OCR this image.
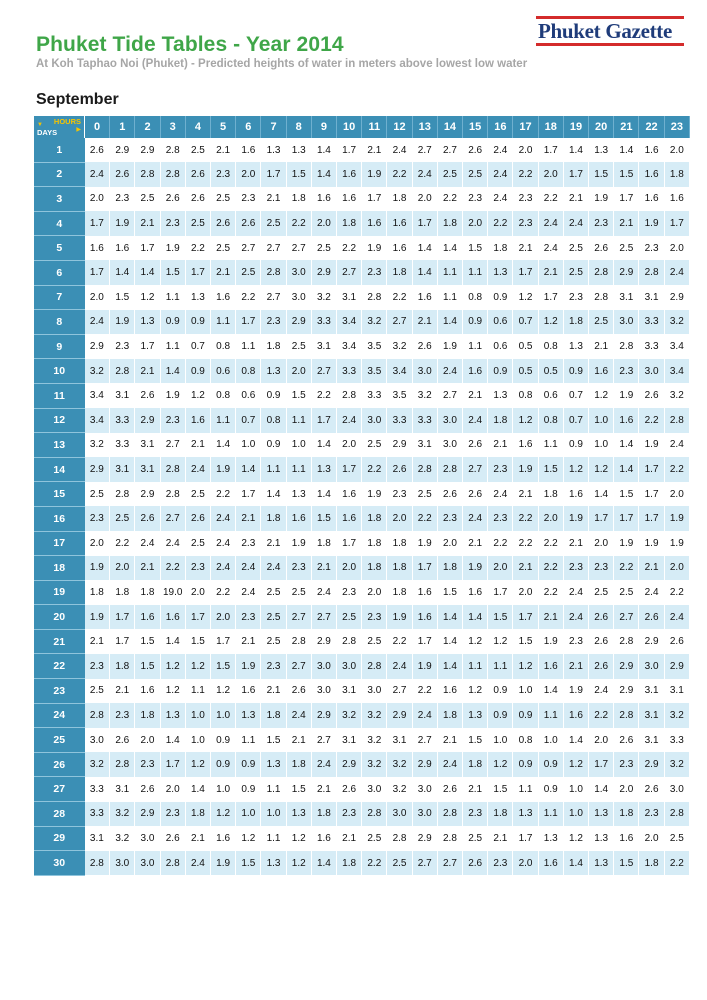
Phuket Tide Tables - Year 2014

At Koh Taphao Noi (Phuket) - Predicted heights of water in meters above lowest low water

Phuket Gazette
September
HOURS
▶
▼
DAYS	0	1	2	3	4	5	6	7	8	9	10	11	12	13	14	15	16	17	18	19	20	21	22	23
1	2.6	2.9	2.9	2.8	2.5	2.1	1.6	1.3	1.3	1.4	1.7	2.1	2.4	2.7	2.7	2.6	2.4	2.0	1.7	1.4	1.3	1.4	1.6	2.0
2	2.4	2.6	2.8	2.8	2.6	2.3	2.0	1.7	1.5	1.4	1.6	1.9	2.2	2.4	2.5	2.5	2.4	2.2	2.0	1.7	1.5	1.5	1.6	1.8
3	2.0	2.3	2.5	2.6	2.6	2.5	2.3	2.1	1.8	1.6	1.6	1.7	1.8	2.0	2.2	2.3	2.4	2.3	2.2	2.1	1.9	1.7	1.6	1.6
4	1.7	1.9	2.1	2.3	2.5	2.6	2.6	2.5	2.2	2.0	1.8	1.6	1.6	1.7	1.8	2.0	2.2	2.3	2.4	2.4	2.3	2.1	1.9	1.7
5	1.6	1.6	1.7	1.9	2.2	2.5	2.7	2.7	2.7	2.5	2.2	1.9	1.6	1.4	1.4	1.5	1.8	2.1	2.4	2.5	2.6	2.5	2.3	2.0
6	1.7	1.4	1.4	1.5	1.7	2.1	2.5	2.8	3.0	2.9	2.7	2.3	1.8	1.4	1.1	1.1	1.3	1.7	2.1	2.5	2.8	2.9	2.8	2.4
7	2.0	1.5	1.2	1.1	1.3	1.6	2.2	2.7	3.0	3.2	3.1	2.8	2.2	1.6	1.1	0.8	0.9	1.2	1.7	2.3	2.8	3.1	3.1	2.9
8	2.4	1.9	1.3	0.9	0.9	1.1	1.7	2.3	2.9	3.3	3.4	3.2	2.7	2.1	1.4	0.9	0.6	0.7	1.2	1.8	2.5	3.0	3.3	3.2
9	2.9	2.3	1.7	1.1	0.7	0.8	1.1	1.8	2.5	3.1	3.4	3.5	3.2	2.6	1.9	1.1	0.6	0.5	0.8	1.3	2.1	2.8	3.3	3.4
10	3.2	2.8	2.1	1.4	0.9	0.6	0.8	1.3	2.0	2.7	3.3	3.5	3.4	3.0	2.4	1.6	0.9	0.5	0.5	0.9	1.6	2.3	3.0	3.4
11	3.4	3.1	2.6	1.9	1.2	0.8	0.6	0.9	1.5	2.2	2.8	3.3	3.5	3.2	2.7	2.1	1.3	0.8	0.6	0.7	1.2	1.9	2.6	3.2
12	3.4	3.3	2.9	2.3	1.6	1.1	0.7	0.8	1.1	1.7	2.4	3.0	3.3	3.3	3.0	2.4	1.8	1.2	0.8	0.7	1.0	1.6	2.2	2.8
13	3.2	3.3	3.1	2.7	2.1	1.4	1.0	0.9	1.0	1.4	2.0	2.5	2.9	3.1	3.0	2.6	2.1	1.6	1.1	0.9	1.0	1.4	1.9	2.4
14	2.9	3.1	3.1	2.8	2.4	1.9	1.4	1.1	1.1	1.3	1.7	2.2	2.6	2.8	2.8	2.7	2.3	1.9	1.5	1.2	1.2	1.4	1.7	2.2
15	2.5	2.8	2.9	2.8	2.5	2.2	1.7	1.4	1.3	1.4	1.6	1.9	2.3	2.5	2.6	2.6	2.4	2.1	1.8	1.6	1.4	1.5	1.7	2.0
16	2.3	2.5	2.6	2.7	2.6	2.4	2.1	1.8	1.6	1.5	1.6	1.8	2.0	2.2	2.3	2.4	2.3	2.2	2.0	1.9	1.7	1.7	1.7	1.9
17	2.0	2.2	2.4	2.4	2.5	2.4	2.3	2.1	1.9	1.8	1.7	1.8	1.8	1.9	2.0	2.1	2.2	2.2	2.2	2.1	2.0	1.9	1.9	1.9
18	1.9	2.0	2.1	2.2	2.3	2.4	2.4	2.4	2.3	2.1	2.0	1.8	1.8	1.7	1.8	1.9	2.0	2.1	2.2	2.3	2.3	2.2	2.1	2.0
19	1.8	1.8	1.8	19.0	2.0	2.2	2.4	2.5	2.5	2.4	2.3	2.0	1.8	1.6	1.5	1.6	1.7	2.0	2.2	2.4	2.5	2.5	2.4	2.2
20	1.9	1.7	1.6	1.6	1.7	2.0	2.3	2.5	2.7	2.7	2.5	2.3	1.9	1.6	1.4	1.4	1.5	1.7	2.1	2.4	2.6	2.7	2.6	2.4
21	2.1	1.7	1.5	1.4	1.5	1.7	2.1	2.5	2.8	2.9	2.8	2.5	2.2	1.7	1.4	1.2	1.2	1.5	1.9	2.3	2.6	2.8	2.9	2.6
22	2.3	1.8	1.5	1.2	1.2	1.5	1.9	2.3	2.7	3.0	3.0	2.8	2.4	1.9	1.4	1.1	1.1	1.2	1.6	2.1	2.6	2.9	3.0	2.9
23	2.5	2.1	1.6	1.2	1.1	1.2	1.6	2.1	2.6	3.0	3.1	3.0	2.7	2.2	1.6	1.2	0.9	1.0	1.4	1.9	2.4	2.9	3.1	3.1
24	2.8	2.3	1.8	1.3	1.0	1.0	1.3	1.8	2.4	2.9	3.2	3.2	2.9	2.4	1.8	1.3	0.9	0.9	1.1	1.6	2.2	2.8	3.1	3.2
25	3.0	2.6	2.0	1.4	1.0	0.9	1.1	1.5	2.1	2.7	3.1	3.2	3.1	2.7	2.1	1.5	1.0	0.8	1.0	1.4	2.0	2.6	3.1	3.3
26	3.2	2.8	2.3	1.7	1.2	0.9	0.9	1.3	1.8	2.4	2.9	3.2	3.2	2.9	2.4	1.8	1.2	0.9	0.9	1.2	1.7	2.3	2.9	3.2
27	3.3	3.1	2.6	2.0	1.4	1.0	0.9	1.1	1.5	2.1	2.6	3.0	3.2	3.0	2.6	2.1	1.5	1.1	0.9	1.0	1.4	2.0	2.6	3.0
28	3.3	3.2	2.9	2.3	1.8	1.2	1.0	1.0	1.3	1.8	2.3	2.8	3.0	3.0	2.8	2.3	1.8	1.3	1.1	1.0	1.3	1.8	2.3	2.8
29	3.1	3.2	3.0	2.6	2.1	1.6	1.2	1.1	1.2	1.6	2.1	2.5	2.8	2.9	2.8	2.5	2.1	1.7	1.3	1.2	1.3	1.6	2.0	2.5
30	2.8	3.0	3.0	2.8	2.4	1.9	1.5	1.3	1.2	1.4	1.8	2.2	2.5	2.7	2.7	2.6	2.3	2.0	1.6	1.4	1.3	1.5	1.8	2.2
